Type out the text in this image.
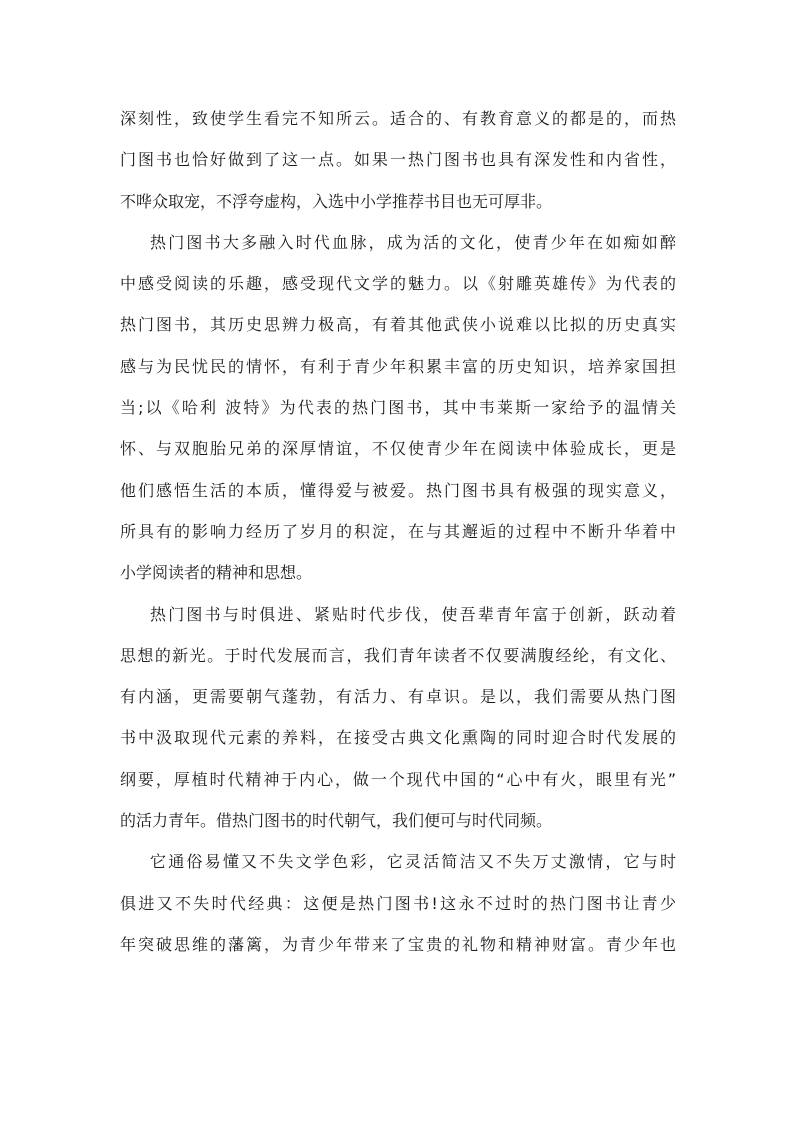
深刻性，致使学生看完不知所云。适合的、有教育意义的都是的，而热
门图书也恰好做到了这一点。如果一热门图书也具有深发性和内省性，
不哗众取宠，不浮夸虚构，入选中小学推荐书目也无可厚非。
热门图书大多融入时代血脉，成为活的文化，使青少年在如痴如醉
中感受阅读的乐趣，感受现代文学的魅力。以《射雕英雄传》为代表的
热门图书，其历史思辨力极高，有着其他武侠小说难以比拟的历史真实
感与为民忧民的情怀，有利于青少年积累丰富的历史知识，培养家国担
当;以《哈利 波特》为代表的热门图书，其中韦莱斯一家给予的温情关
怀、与双胞胎兄弟的深厚情谊，不仅使青少年在阅读中体验成长，更是
他们感悟生活的本质，懂得爱与被爱。热门图书具有极强的现实意义，
所具有的影响力经历了岁月的积淀，在与其邂逅的过程中不断升华着中
小学阅读者的精神和思想。
热门图书与时俱进、紧贴时代步伐，使吾辈青年富于创新，跃动着
思想的新光。于时代发展而言，我们青年读者不仅要满腹经纶，有文化、
有内涵，更需要朝气蓬勃，有活力、有卓识。是以，我们需要从热门图
书中汲取现代元素的养料，在接受古典文化熏陶的同时迎合时代发展的
纲要，厚植时代精神于内心，做一个现代中国的“心中有火，眼里有光”
的活力青年。借热门图书的时代朝气，我们便可与时代同频。
它通俗易懂又不失文学色彩，它灵活简洁又不失万丈激情，它与时
俱进又不失时代经典：这便是热门图书!这永不过时的热门图书让青少
年突破思维的藩篱，为青少年带来了宝贵的礼物和精神财富。青少年也
